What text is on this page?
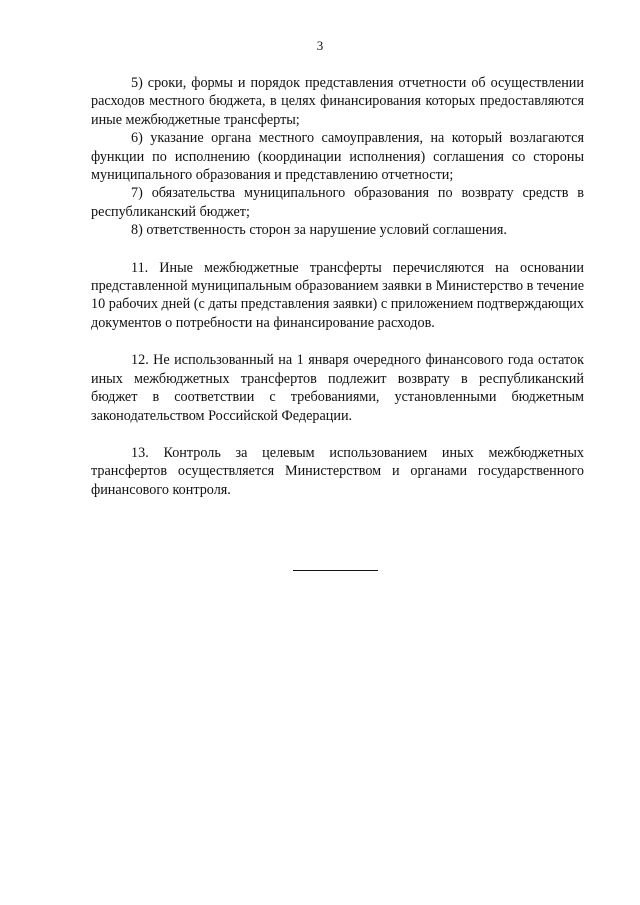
3

5) сроки, формы и порядок представления отчетности об осуществлении расходов местного бюджета, в целях финансирования которых предоставляются иные межбюджетные трансферты;

6) указание органа местного самоуправления, на который возлагаются функции по исполнению (координации исполнения) соглашения со стороны муниципального образования и представлению отчетности;

7) обязательства муниципального образования по возврату средств в республиканский бюджет;

8) ответственность сторон за нарушение условий соглашения.

11. Иные межбюджетные трансферты перечисляются на основании представленной муниципальным образованием заявки в Министерство в течение 10 рабочих дней (с даты представления заявки) с приложением подтверждающих документов о потребности на финансирование расходов.

12. Не использованный на 1 января очередного финансового года остаток иных межбюджетных трансфертов подлежит возврату в республиканский бюджет в соответствии с требованиями, установленными бюджетным законодательством Российской Федерации.

13. Контроль за целевым использованием иных межбюджетных трансфертов осуществляется Министерством и органами государственного финансового контроля.
